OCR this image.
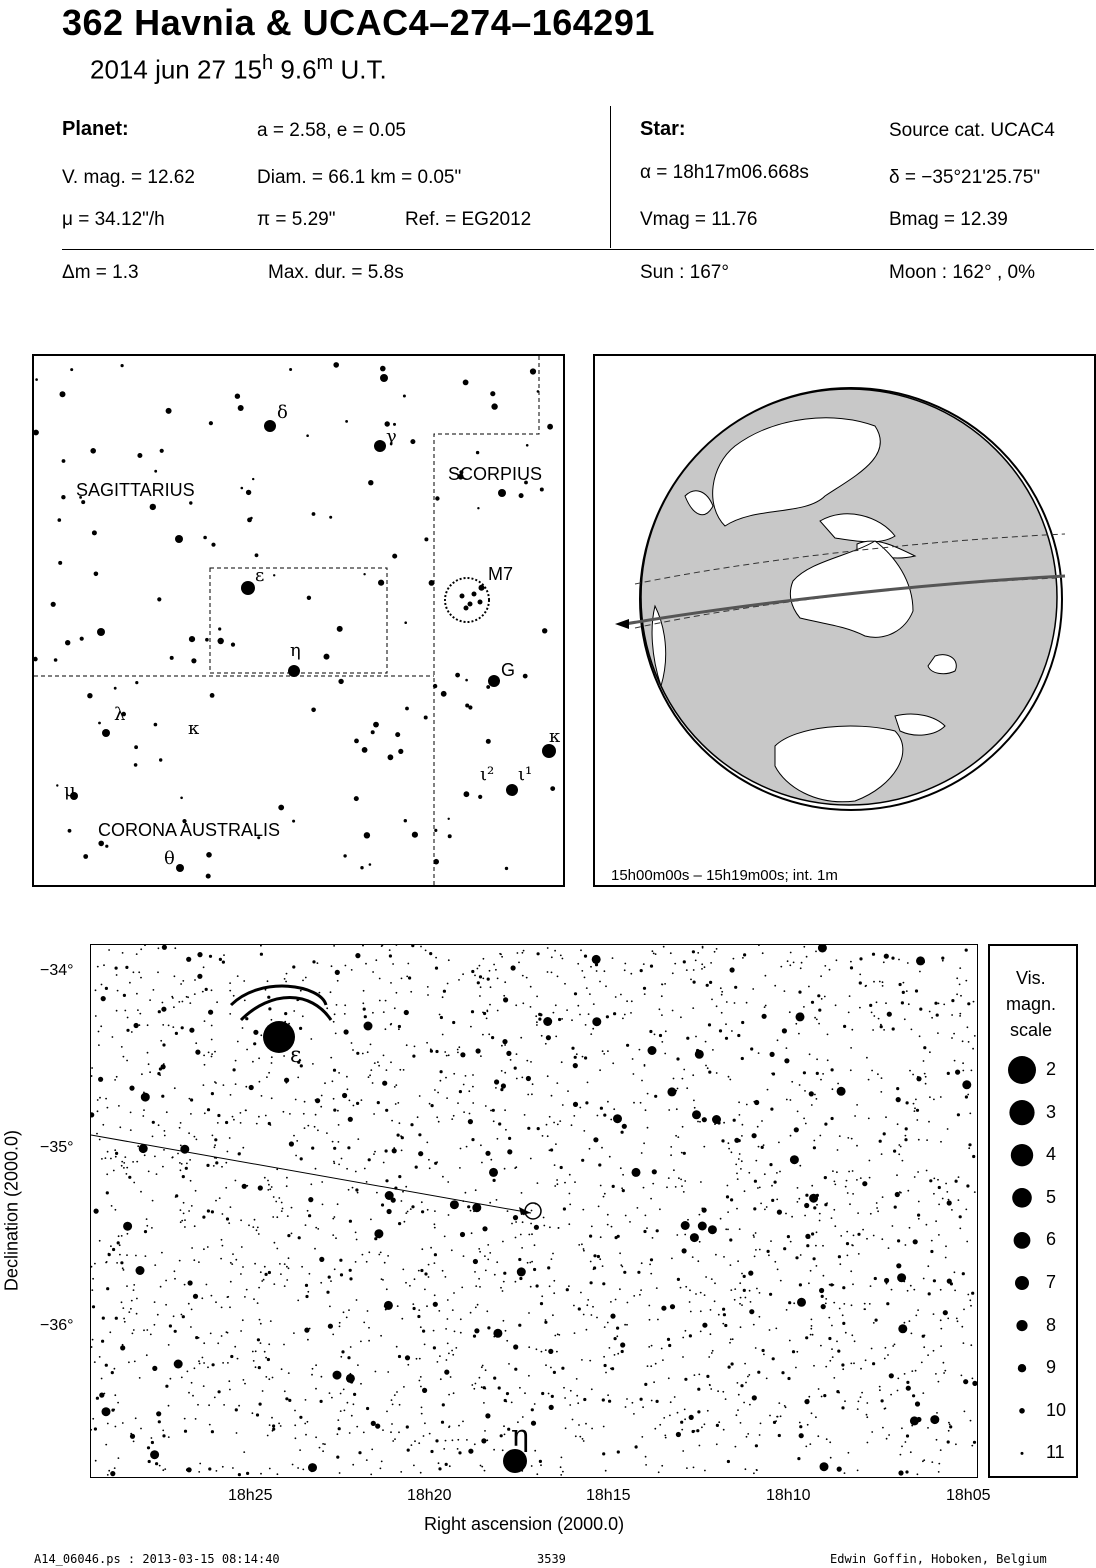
362 Havnia & UCAC4–274–164291
2014 jun 27 15$^h$ 9.6$^m$ U.T.
Planet:	a = 2.58, e = 0.05
V. mag. = 12.62	Diam. = 66.1 km = 0.05"
μ = 34.12"/h	π = 5.29"	Ref. = EG2012
Star:	Source cat. UCAC4
α = 18h17m06.668s	δ = −35°21'25.75"
Vmag = 11.76	Bmag = 12.39
Δm = 1.3	Max. dur. = 5.8s	Sun : 167°	Moon : 162° , 0%
SAGITTARIUS
SCORPIUS
CORONA AUSTRALIS
M7
G
δ
γ
ε
η
λ
κ
μ
θ
κ
ι² ι¹
15h00m00s – 15h19m00s; int. 1m
ε
η
−34°
−35°
−36°
18h25	18h20	18h15	18h10	18h05
Right ascension (2000.0)
Declination (2000.0)
Vis.
magn.
scale
2
3
4
5
6
7
8
9
10
11
A14_06046.ps : 2013-03-15 08:14:40	3539	Edwin Goffin, Hoboken, Belgium
